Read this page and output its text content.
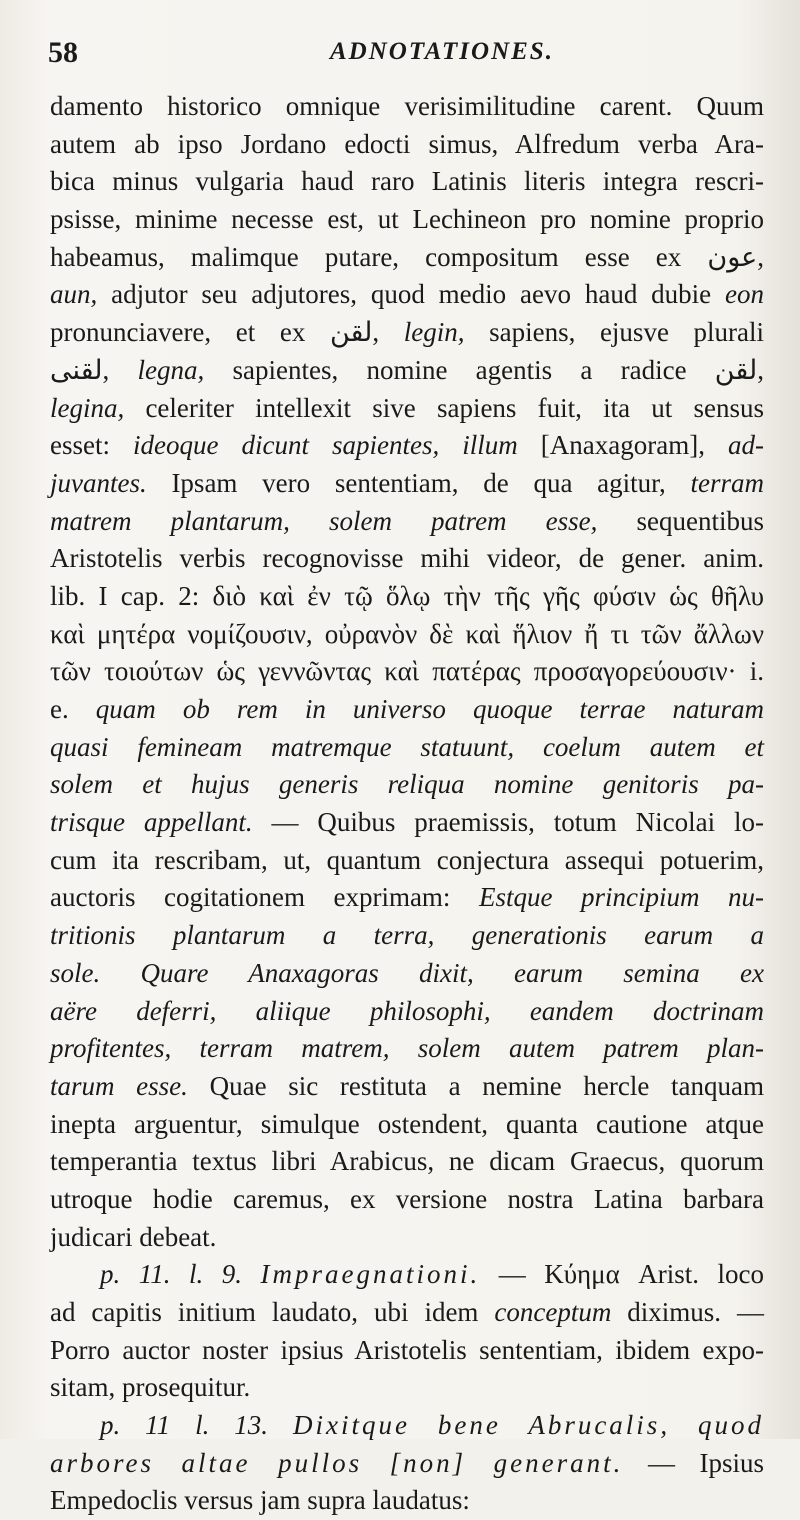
58	ADNOTATIONES.
damento historico omnique verisimilitudine carent. Quum
autem ab ipso Jordano edocti simus, Alfredum verba Ara-
bica minus vulgaria haud raro Latinis literis integra rescri-
psisse, minime necesse est, ut Lechineon pro nomine proprio
habeamus, malimque putare, compositum esse ex عون,
aun, adjutor seu adjutores, quod medio aevo haud dubie eon
pronunciavere, et ex لقن, legin, sapiens, ejusve plurali
لقنى, legna, sapientes, nomine agentis a radice لقن,
legina, celeriter intellexit sive sapiens fuit, ita ut sensus
esset: ideoque dicunt sapientes, illum [Anaxagoram], ad-
juvantes. Ipsam vero sententiam, de qua agitur, terram
matrem plantarum, solem patrem esse, sequentibus
Aristotelis verbis recognovisse mihi videor, de gener. anim.
lib. I cap. 2: διὸ καὶ ἐν τῷ ὅλῳ τὴν τῆς γῆς φύσιν ὡς θῆλυ
καὶ μητέρα νομίζουσιν, οὐρανὸν δὲ καὶ ἥλιον ἤ τι τῶν ἄλλων
τῶν τοιούτων ὡς γεννῶντας καὶ πατέρας προσαγορεύουσιν· i.
e. quam ob rem in universo quoque terrae naturam
quasi femineam matremque statuunt, coelum autem et
solem et hujus generis reliqua nomine genitoris pa-
trisque appellant. — Quibus praemissis, totum Nicolai lo-
cum ita rescribam, ut, quantum conjectura assequi potuerim,
auctoris cogitationem exprimam: Estque principium nu-
tritionis plantarum a terra, generationis earum a
sole. Quare Anaxagoras dixit, earum semina ex
aëre deferri, aliique philosophi, eandem doctrinam
profitentes, terram matrem, solem autem patrem plan-
tarum esse. Quae sic restituta a nemine hercle tanquam
inepta arguentur, simulque ostendent, quanta cautione atque
temperantia textus libri Arabicus, ne dicam Graecus, quorum
utroque hodie caremus, ex versione nostra Latina barbara
judicari debeat.
p. 11. l. 9. Impraegnationi. — Κύημα Arist. loco
ad capitis initium laudato, ubi idem conceptum diximus. —
Porro auctor noster ipsius Aristotelis sententiam, ibidem expo-
sitam, prosequitur.
p. 11 l. 13. Dixitque bene Abrucalis, quod
arbores altae pullos [non] generant. — Ipsius
Empedoclis versus jam supra laudatus:
